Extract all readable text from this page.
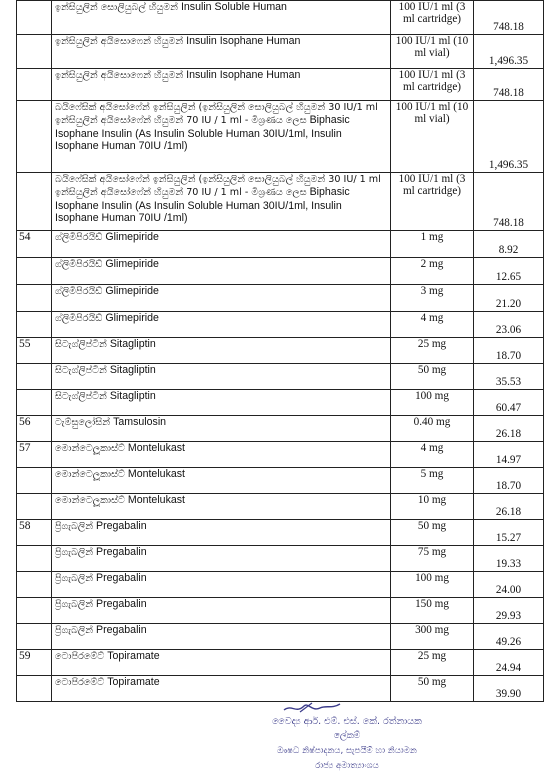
	ඉන්සියුලින් සොලියුබල් හියුමන් Insulin Soluble Human	100 IU/1 ml (3 ml cartridge)	748.18
	ඉන්සියුලින් අයිසොෆෙන් හියුමන් Insulin Isophane Human	100 IU/1 ml (10 ml vial)	1,496.35
	ඉන්සියුලින් අයිසොෆෙන් හියුමන් Insulin Isophane Human	100 IU/1 ml (3 ml cartridge)	748.18
	බයිෆේසික් අයිසෝෆේන් ඉන්සියුලින් (ඉන්සියුලින් සොලියුබල් හියුමන් 30 IU/1 ml ඉන්සියුලින් අයිසෝෆේන් හියුමන් 70 IU / 1 ml - මිශ්‍රණය ලෙස Biphasic Isophane Insulin (As Insulin Soluble Human 30IU/1ml, Insulin Isophane Human 70IU /1ml)	100 IU/1 ml (10 ml vial)	1,496.35
	බයිෆේසික් අයිසෝෆේන් ඉන්සියුලින් (ඉන්සියුලින් සොලියුබල් හියුමන් 30 IU/ 1 ml ඉන්සියුලින් අයිසෝෆේන් හියුමන් 70 IU / 1 ml - මිශ්‍රණය ලෙස Biphasic Isophane Insulin (As Insulin Soluble Human 30IU/1ml, Insulin Isophane Human 70IU /1ml)	100 IU/1 ml (3 ml cartridge)	748.18
54	ග්ලිමිපිරයිඩ් Glimepiride	1 mg	8.92
	ග්ලිමිපිරයිඩ් Glimepiride	2 mg	12.65
	ග්ලිමිපිරයිඩ් Glimepiride	3 mg	21.20
	ග්ලිමිපිරයිඩ් Glimepiride	4 mg	23.06
55	සිටැග්ලිප්ටින් Sitagliptin	25 mg	18.70
	සිටැග්ලිප්ටින් Sitagliptin	50 mg	35.53
	සිටැග්ලිප්ටින් Sitagliptin	100 mg	60.47
56	ටැම්සුලෝසින් Tamsulosin	0.40 mg	26.18
57	මොන්ටෙලූකාස්ට් Montelukast	4 mg	14.97
	මොන්ටෙලූකාස්ට් Montelukast	5 mg	18.70
	මොන්ටෙලූකාස්ට් Montelukast	10 mg	26.18
58	ප්‍රිගැබලින් Pregabalin	50 mg	15.27
	ප්‍රිගැබලින් Pregabalin	75 mg	19.33
	ප්‍රිගැබලින් Pregabalin	100 mg	24.00
	ප්‍රිගැබලින් Pregabalin	150 mg	29.93
	ප්‍රිගැබලින් Pregabalin	300 mg	49.26
59	ටොපිරමේට් Topiramate	25 mg	24.94
	ටොපිරමේට් Topiramate	50 mg	39.90
වෛද්‍ය ආර්. එම්. එස්. කේ. රත්නායක
ලේකම්
ඖෂධ නිෂ්පාදනය, සැපයීම් හා නියාමන
රාජ්‍ය අමාත්‍යාංශය
